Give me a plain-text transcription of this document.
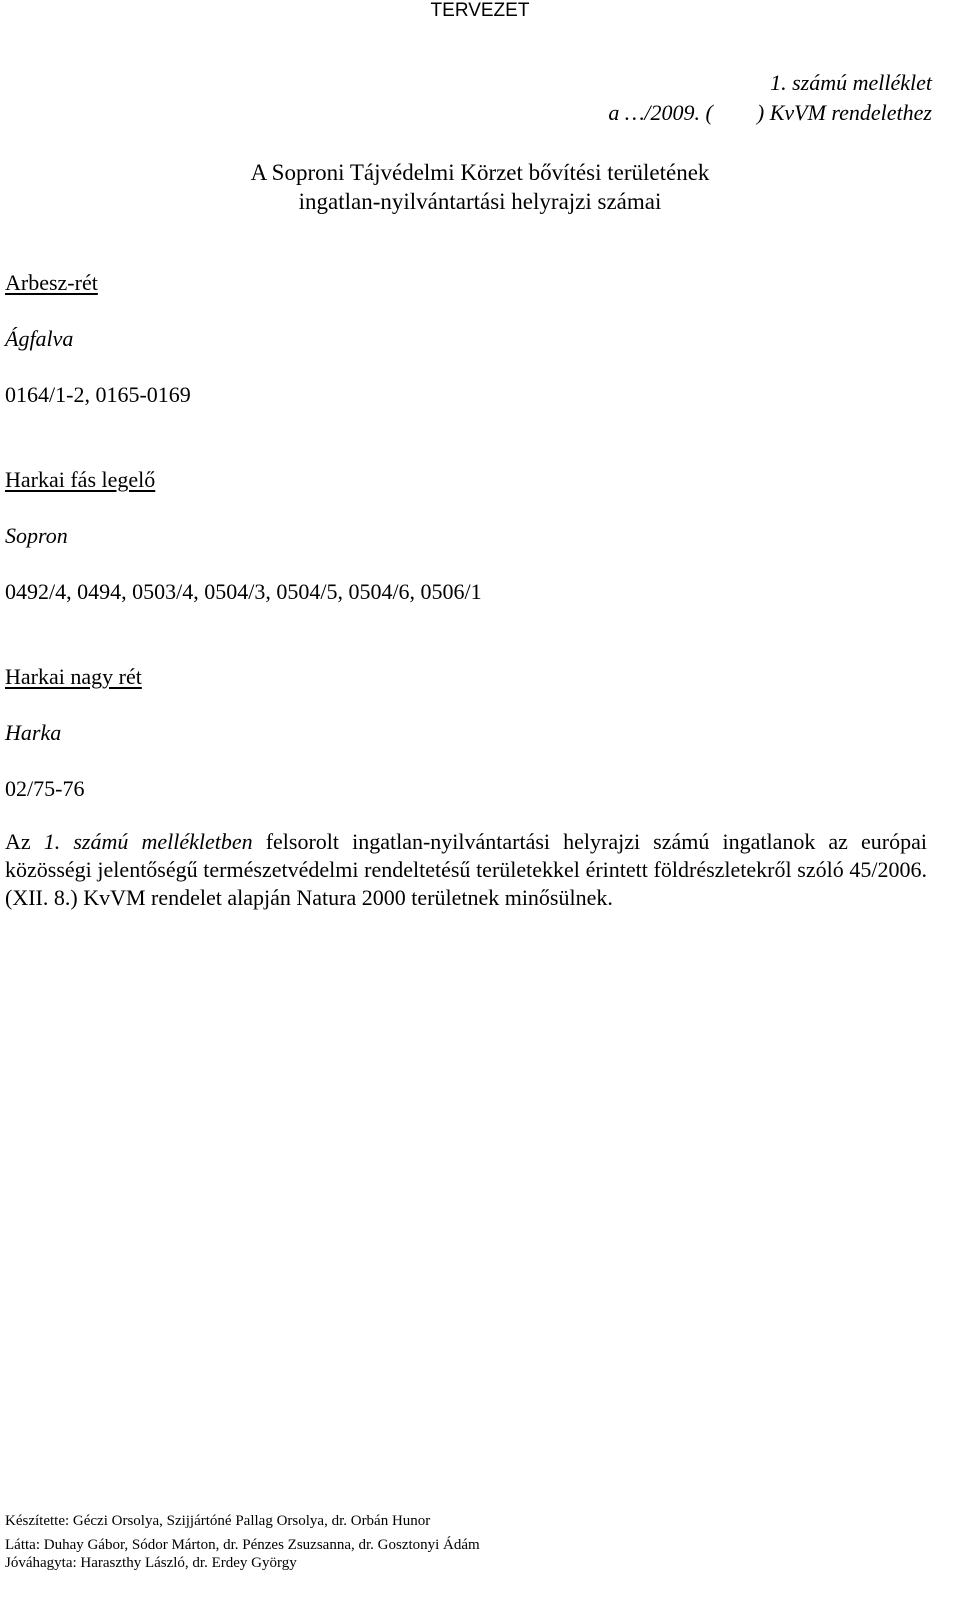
TERVEZET
1. számú melléklet
a …/2009. ( ) KvVM rendelethez
A Soproni Tájvédelmi Körzet bővítési területének
ingatlan-nyilvántartási helyrajzi számai
Arbesz-rét
Ágfalva
0164/1-2, 0165-0169
Harkai fás legelő
Sopron
0492/4, 0494, 0503/4, 0504/3, 0504/5, 0504/6, 0506/1
Harkai nagy rét
Harka
02/75-76
Az 1. számú mellékletben felsorolt ingatlan-nyilvántartási helyrajzi számú ingatlanok az európai közösségi jelentőségű természetvédelmi rendeltetésű területekkel érintett földrészletekről szóló 45/2006. (XII. 8.) KvVM rendelet alapján Natura 2000 területnek minősülnek.
Készítette: Géczi Orsolya, Szijjártóné Pallag Orsolya, dr. Orbán Hunor
Látta: Duhay Gábor, Sódor Márton, dr. Pénzes Zsuzsanna, dr. Gosztonyi Ádám
Jóváhagyta: Haraszthy László, dr. Erdey György
